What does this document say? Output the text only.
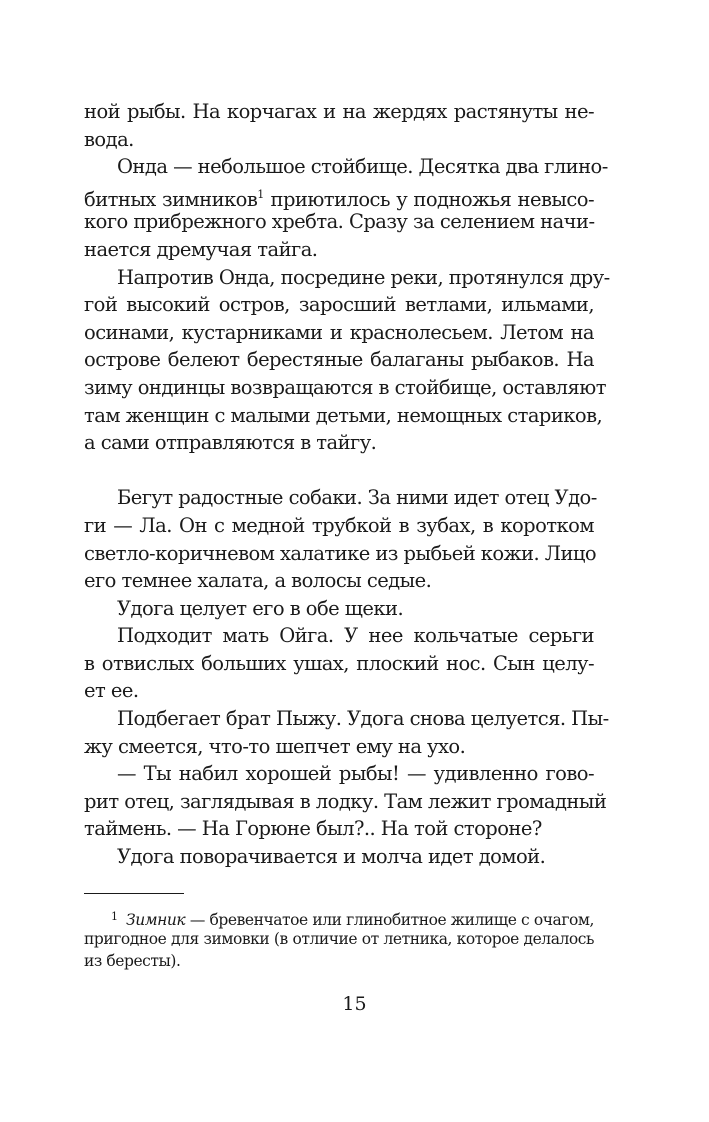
ной рыбы. На корчагах и на жердях растянуты не-
вода.
Онда — небольшое стойбище. Десятка два глино-
битных зимников$^1$ приютилось у подножья невысо-
кого прибрежного хребта. Сразу за селением начи-
нается дремучая тайга.
Напротив Онда, посредине реки, протянулся дру-
гой высокий остров, заросший ветлами, ильмами,
осинами, кустарниками и краснолесьем. Летом на
острове белеют берестяные балаганы рыбаков. На
зиму ондинцы возвращаются в стойбище, оставляют
там женщин с малыми детьми, немощных стариков,
а сами отправляются в тайгу.
Бегут радостные собаки. За ними идет отец Удо-
ги — Ла. Он с медной трубкой в зубах, в коротком
светло-коричневом халатике из рыбьей кожи. Лицо
его темнее халата, а волосы седые.
Удога целует его в обе щеки.
Подходит мать Ойга. У нее кольчатые серьги
в отвислых больших ушах, плоский нос. Сын целу-
ет ее.
Подбегает брат Пыжу. Удога снова целуется. Пы-
жу смеется, что-то шепчет ему на ухо.
— Ты набил хорошей рыбы! — удивленно гово-
рит отец, заглядывая в лодку. Там лежит громадный
таймень. — На Горюне был?.. На той стороне?
Удога поворачивается и молча идет домой.
$^1$ Зимник — бревенчатое или глинобитное жилище с очагом,
пригодное для зимовки (в отличие от летника, которое делалось
из бересты).
15
